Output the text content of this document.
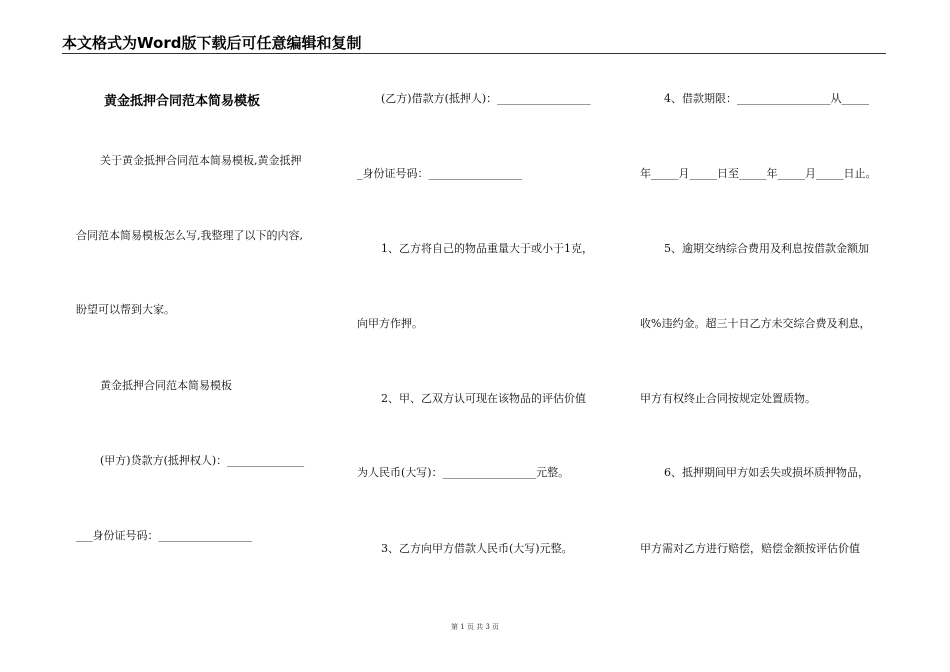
本文格式为Word版下载后可任意编辑和复制
黄金抵押合同范本简易模板
关于黄金抵押合同范本简易模板,黄金抵押
合同范本简易模板怎么写,我整理了以下的内容,
盼望可以帮到大家。
黄金抵押合同范本简易模板
(甲方)贷款方(抵押权人)：______________
___身份证号码：_________________
(乙方)借款方(抵押人)：_________________
_身份证号码：_________________
1、乙方将自己的物品重量大于或小于1克，
向甲方作押。
2、甲、乙双方认可现在该物品的评估价值
为人民币(大写)：_________________元整。
3、乙方向甲方借款人民币(大写)元整。
4、借款期限：_________________从_____
年_____月_____日至_____年_____月_____日止。
5、逾期交纳综合费用及利息按借款金额加
收%违约金。超三十日乙方未交综合费及利息，
甲方有权终止合同按规定处置质物。
6、抵押期间甲方如丢失或损坏质押物品，
甲方需对乙方进行赔偿，赔偿金额按评估价值
第 1 页 共 3 页
